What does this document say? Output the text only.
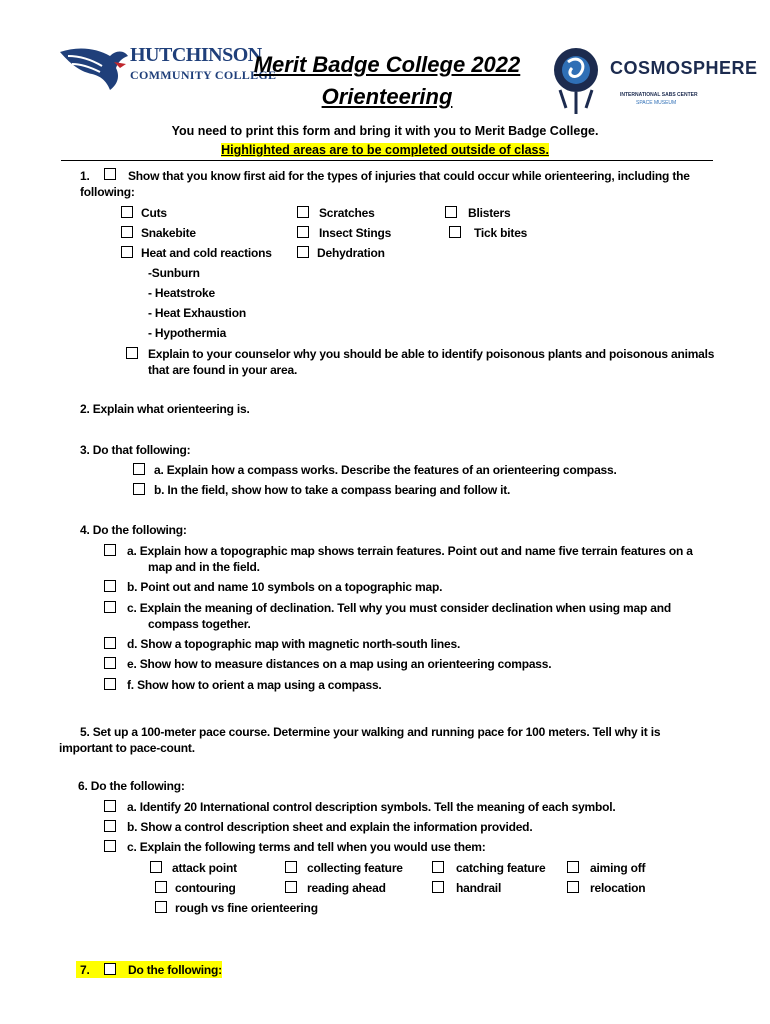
HUTCHINSON
COMMUNITY COLLEGE	COSMOSPHERE
INTERNATIONAL SABS CENTER
SPACE MUSEUM
Merit Badge College 2022
Orienteering
You need to print this form and bring it with you to Merit Badge College.
Highlighted areas are to be completed outside of class.
1.	Show that you know first aid for the types of injuries that could occur while orienteering, including the
following:
Cuts	Scratches	Blisters
Snakebite	Insect Stings	Tick bites
Heat and cold reactions	Dehydration
-Sunburn
- Heatstroke
- Heat Exhaustion
- Hypothermia
Explain to your counselor why you should be able to identify poisonous plants and poisonous animals
that are found in your area.
2. Explain what orienteering is.
3. Do that following:
a. Explain how a compass works. Describe the features of an orienteering compass.
b. In the field, show how to take a compass bearing and follow it.
4. Do the following:
a. Explain how a topographic map shows terrain features. Point out and name five terrain features on a
map and in the field.
b. Point out and name 10 symbols on a topographic map.
c. Explain the meaning of declination. Tell why you must consider declination when using map and
compass together.
d. Show a topographic map with magnetic north-south lines.
e. Show how to measure distances on a map using an orienteering compass.
f. Show how to orient a map using a compass.
5. Set up a 100-meter pace course. Determine your walking and running pace for 100 meters. Tell why it is
important to pace-count.
6. Do the following:
a. Identify 20 International control description symbols. Tell the meaning of each symbol.
b. Show a control description sheet and explain the information provided.
c. Explain the following terms and tell when you would use them:
attack point	collecting feature	catching feature	aiming off
contouring	reading ahead	handrail	relocation
rough vs fine orienteering
7.	Do the following:
